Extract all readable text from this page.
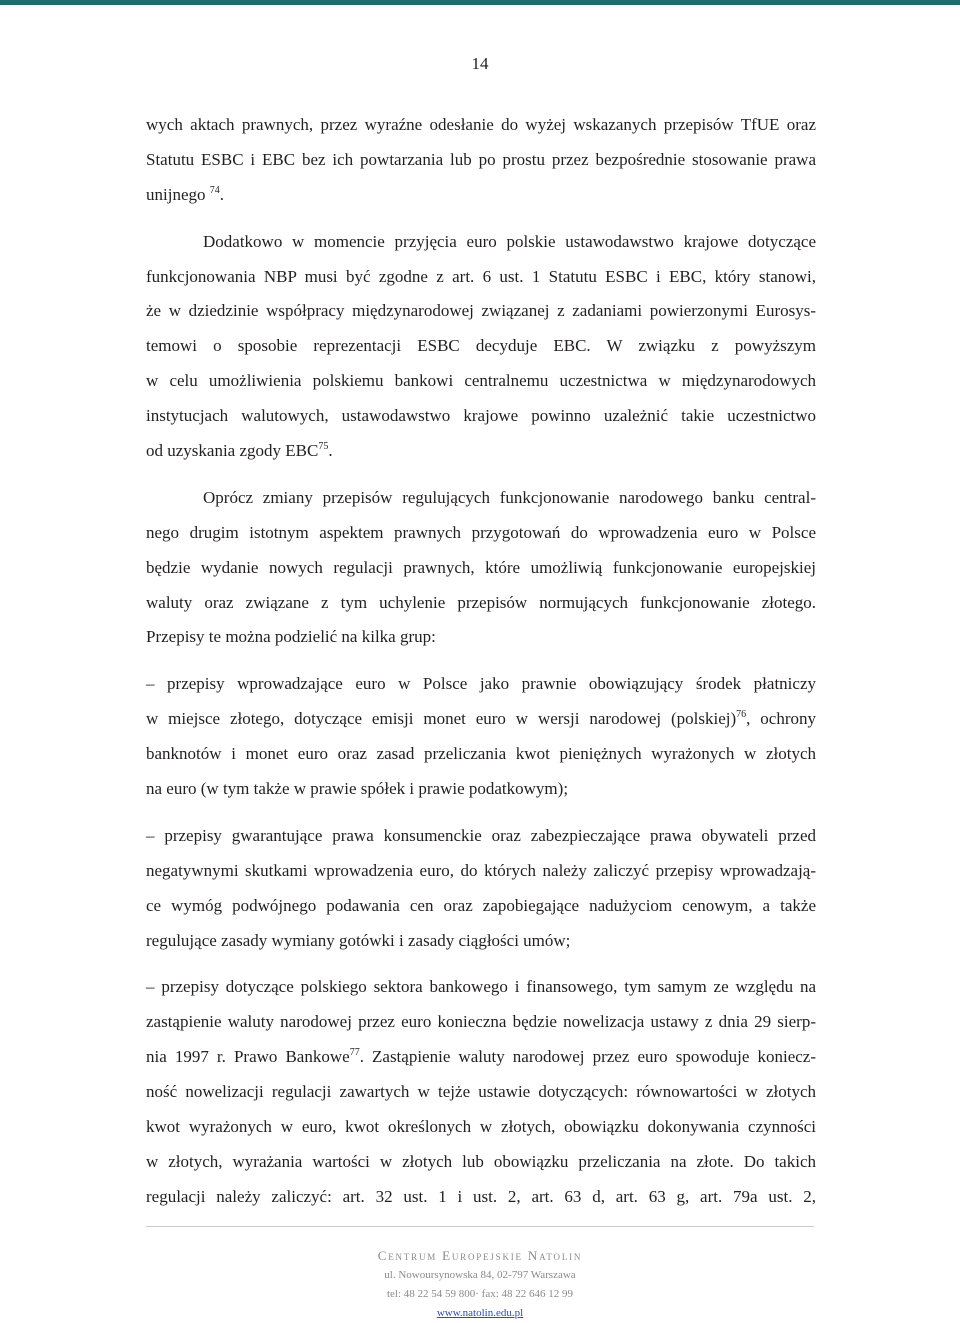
14
wych aktach prawnych, przez wyraźne odesłanie do wyżej wskazanych przepisów TfUE oraz
Statutu ESBC i EBC bez ich powtarzania lub po prostu przez bezpośrednie stosowanie prawa
unijnego $^{74}$.
Dodatkowo w momencie przyjęcia euro polskie ustawodawstwo krajowe dotyczące
funkcjonowania NBP musi być zgodne z art. 6 ust. 1 Statutu ESBC i EBC, który stanowi,
że w dziedzinie współpracy międzynarodowej związanej z zadaniami powierzonymi Eurosys-
temowi o sposobie reprezentacji ESBC decyduje EBC. W związku z powyższym
w celu umożliwienia polskiemu bankowi centralnemu uczestnictwa w międzynarodowych
instytucjach walutowych, ustawodawstwo krajowe powinno uzależnić takie uczestnictwo
od uzyskania zgody EBC$^{75}$.
Oprócz zmiany przepisów regulujących funkcjonowanie narodowego banku central-
nego drugim istotnym aspektem prawnych przygotowań do wprowadzenia euro w Polsce
będzie wydanie nowych regulacji prawnych, które umożliwią funkcjonowanie europejskiej
waluty oraz związane z tym uchylenie przepisów normujących funkcjonowanie złotego.
Przepisy te można podzielić na kilka grup:
– przepisy wprowadzające euro w Polsce jako prawnie obowiązujący środek płatniczy
w miejsce złotego, dotyczące emisji monet euro w wersji narodowej (polskiej)$^{76}$, ochrony
banknotów i monet euro oraz zasad przeliczania kwot pieniężnych wyrażonych w złotych
na euro (w tym także w prawie spółek i prawie podatkowym);
– przepisy gwarantujące prawa konsumenckie oraz zabezpieczające prawa obywateli przed
negatywnymi skutkami wprowadzenia euro, do których należy zaliczyć przepisy wprowadzają-
ce wymóg podwójnego podawania cen oraz zapobiegające nadużyciom cenowym, a także
regulujące zasady wymiany gotówki i zasady ciągłości umów;
– przepisy dotyczące polskiego sektora bankowego i finansowego, tym samym ze względu na
zastąpienie waluty narodowej przez euro konieczna będzie nowelizacja ustawy z dnia 29 sierp-
nia 1997 r. Prawo Bankowe$^{77}$. Zastąpienie waluty narodowej przez euro spowoduje koniecz-
ność nowelizacji regulacji zawartych w tejże ustawie dotyczących: równowartości w złotych
kwot wyrażonych w euro, kwot określonych w złotych, obowiązku dokonywania czynności
w złotych, wyrażania wartości w złotych lub obowiązku przeliczania na złote. Do takich
regulacji należy zaliczyć: art. 32 ust. 1 i ust. 2, art. 63 d, art. 63 g, art. 79a ust. 2,
Centrum Europejskie Natolin
ul. Nowoursynowska 84, 02-797 Warszawa
tel: 48 22 54 59 800· fax: 48 22 646 12 99
www.natolin.edu.pl
